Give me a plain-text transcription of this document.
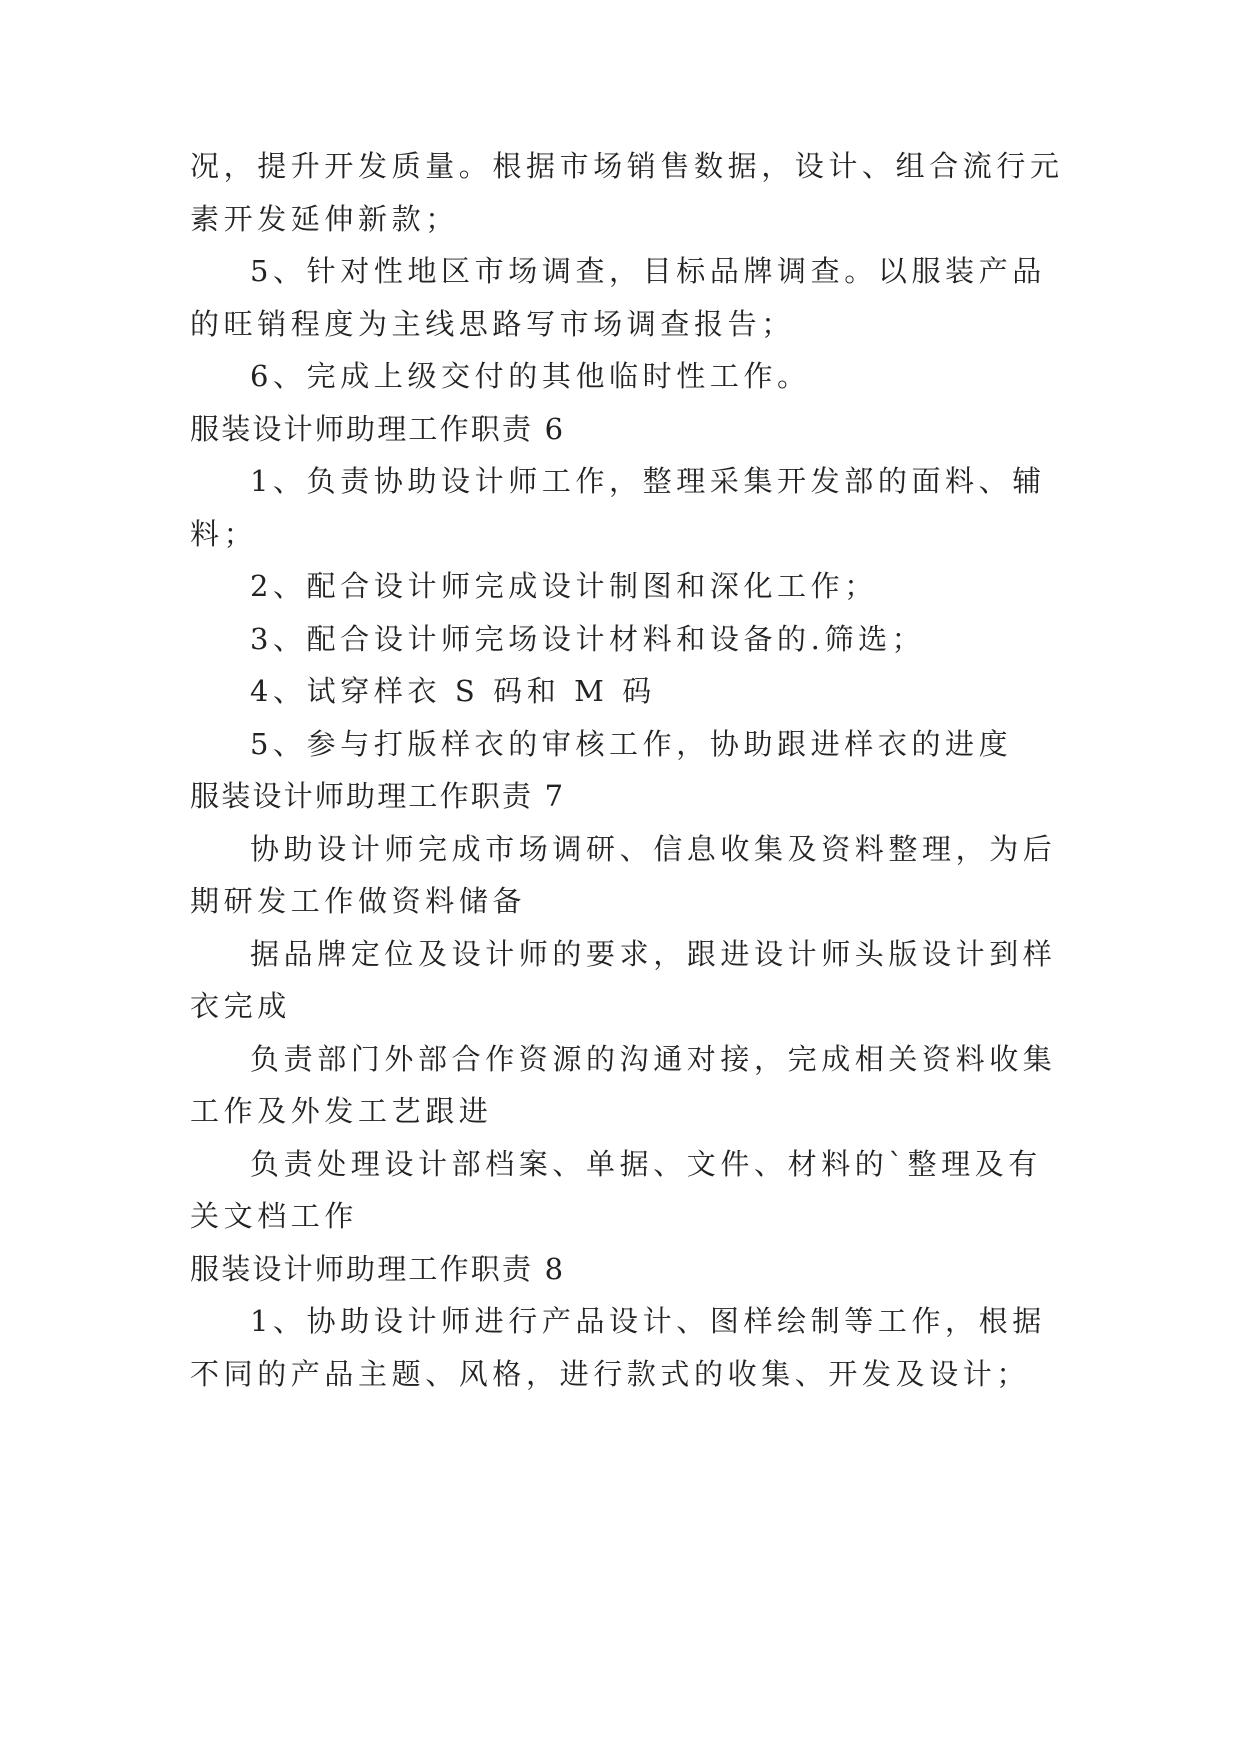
况，提升开发质量。根据市场销售数据，设计、组合流行元
素开发延伸新款；
5、针对性地区市场调查，目标品牌调查。以服装产品
的旺销程度为主线思路写市场调查报告；
6、完成上级交付的其他临时性工作。
服装设计师助理工作职责 6
1、负责协助设计师工作，整理采集开发部的面料、辅
料；
2、配合设计师完成设计制图和深化工作；
3、配合设计师完场设计材料和设备的.筛选；
4、试穿样衣 S 码和 M 码
5、参与打版样衣的审核工作，协助跟进样衣的进度
服装设计师助理工作职责 7
协助设计师完成市场调研、信息收集及资料整理，为后
期研发工作做资料储备
据品牌定位及设计师的要求，跟进设计师头版设计到样
衣完成
负责部门外部合作资源的沟通对接，完成相关资料收集
工作及外发工艺跟进
负责处理设计部档案、单据、文件、材料的`整理及有
关文档工作
服装设计师助理工作职责 8
1、协助设计师进行产品设计、图样绘制等工作，根据
不同的产品主题、风格，进行款式的收集、开发及设计；
